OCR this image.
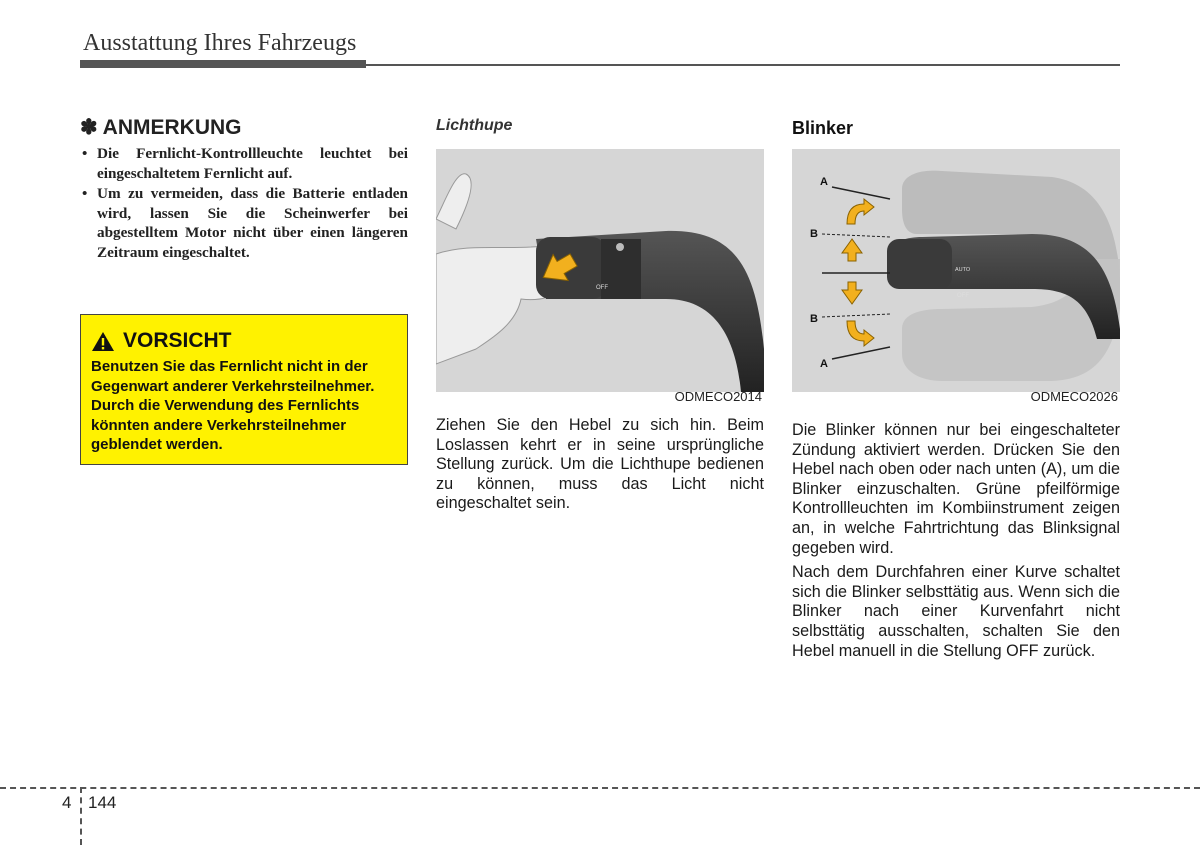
Ausstattung Ihres Fahrzeugs
✽ ANMERKUNG
• Die Fernlicht-Kontrollleuchte leuchtet bei eingeschaltetem Fernlicht auf.
• Um zu vermeiden, dass die Batterie entladen wird, lassen Sie die Scheinwerfer bei abgestelltem Motor nicht über einen längeren Zeitraum eingeschaltet.
VORSICHT
Benutzen Sie das Fernlicht nicht in der Gegenwart anderer Verkehrsteilnehmer. Durch die Verwendung des Fernlichts könnten andere Verkehrsteilnehmer geblendet werden.
Lichthupe
OFF
ODMECO2014
Ziehen Sie den Hebel zu sich hin. Beim Loslassen kehrt er in seine ursprüngliche Stellung zurück. Um die Lichthupe bedienen zu können, muss das Licht nicht eingeschaltet sein.
Blinker
AUTO
OFF
A
B
B
A
ODMECO2026

Die Blinker können nur bei eingeschalteter Zündung aktiviert werden. Drücken Sie den Hebel nach oben oder nach unten (A), um die Blinker einzuschalten. Grüne pfeilförmige Kontrollleuchten im Kombiinstrument zeigen an, in welche Fahrtrichtung das Blinksignal gegeben wird.

Nach dem Durchfahren einer Kurve schaltet sich die Blinker selbsttätig aus. Wenn sich die Blinker nach einer Kurvenfahrt nicht selbsttätig ausschalten, schalten Sie den Hebel manuell in die Stellung OFF zurück.

4 144
